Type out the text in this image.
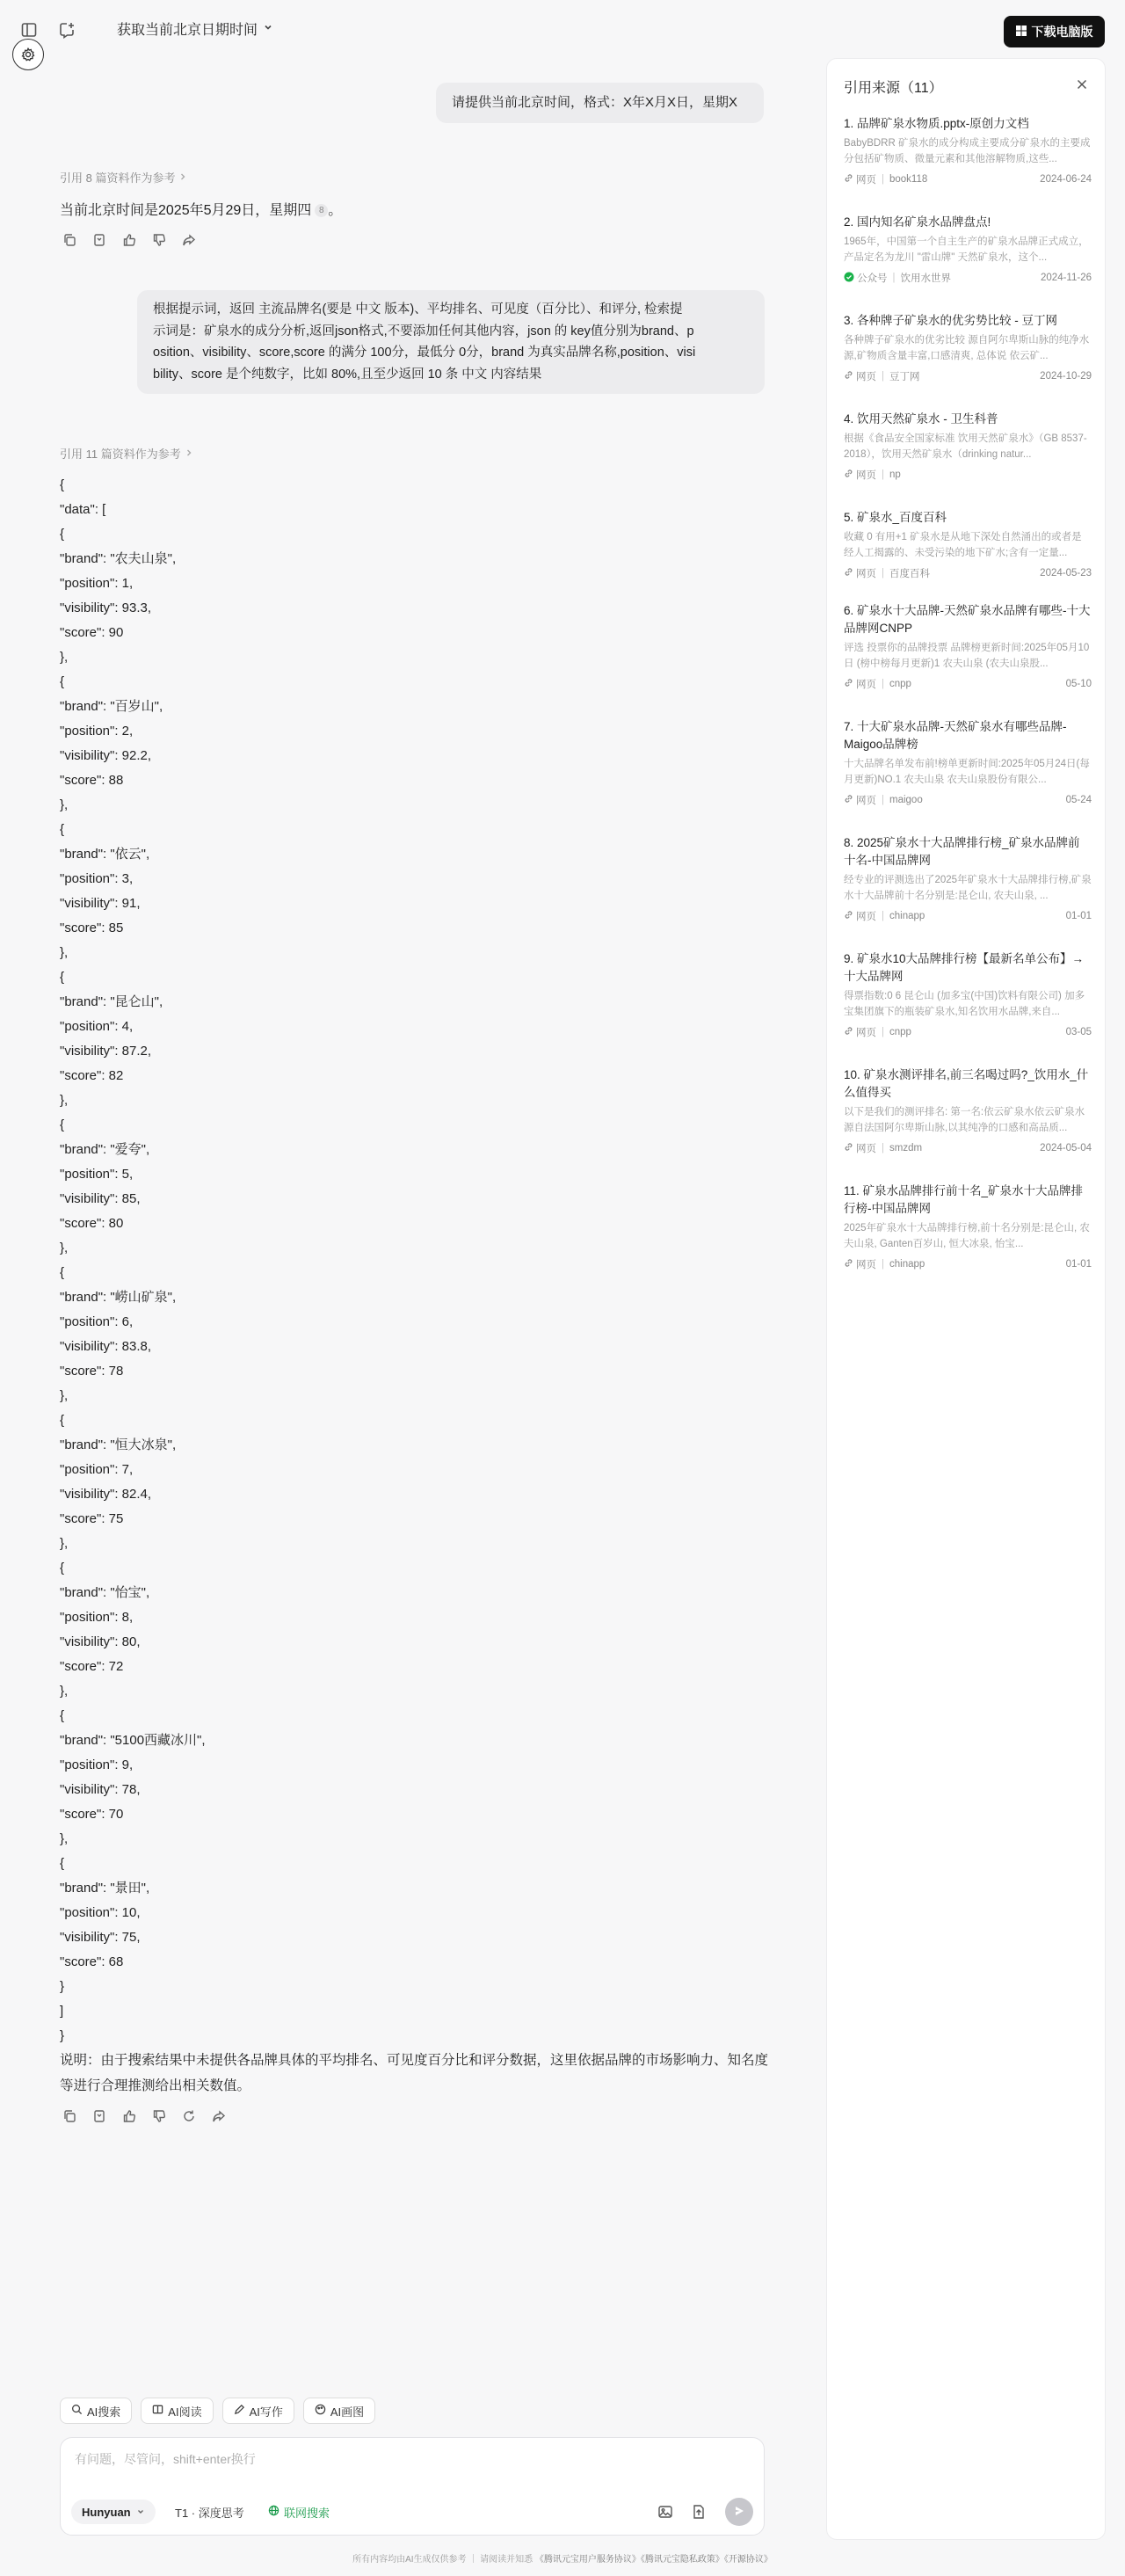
获取当前北京日期时间	下载电脑版
请提供当前北京时间，格式：X年X月X日，星期X
引用 8 篇资料作为参考
当前北京时间是2025年5月29日，星期四 8 。
根据提示词，返回 主流品牌名(要是 中文 版本)、平均排名、可见度（百分比）、和评分, 检索提
示词是：矿泉水的成分分析,返回json格式,不要添加任何其他内容，json 的 key值分别为brand、p
osition、visibility、score,score 的满分 100分，最低分 0分，brand 为真实品牌名称,position、visi
bility、score 是个纯数字，比如 80%,且至少返回 10 条 中文 内容结果
引用 11 篇资料作为参考
{
"data": [
{
"brand": "农夫山泉",
"position": 1,
"visibility": 93.3,
"score": 90
},
{
"brand": "百岁山",
"position": 2,
"visibility": 92.2,
"score": 88
},
{
"brand": "依云",
"position": 3,
"visibility": 91,
"score": 85
},
{
"brand": "昆仑山",
"position": 4,
"visibility": 87.2,
"score": 82
},
{
"brand": "爱夸",
"position": 5,
"visibility": 85,
"score": 80
},
{
"brand": "崂山矿泉",
"position": 6,
"visibility": 83.8,
"score": 78
},
{
"brand": "恒大冰泉",
"position": 7,
"visibility": 82.4,
"score": 75
},
{
"brand": "怡宝",
"position": 8,
"visibility": 80,
"score": 72
},
{
"brand": "5100西藏冰川",
"position": 9,
"visibility": 78,
"score": 70
},
{
"brand": "景田",
"position": 10,
"visibility": 75,
"score": 68
}
]
}
说明：由于搜索结果中未提供各品牌具体的平均排名、可见度百分比和评分数据，这里依据品牌的市场影响力、知名度等进行合理推测给出相关数值。
AI搜索	AI阅读	AI写作	AI画图
有问题，尽管问，shift+enter换行
Hunyuan	T1 · 深度思考	联网搜索
所有内容均由AI生成仅供参考 ｜ 请阅读并知悉 《腾讯元宝用户服务协议》《腾讯元宝隐私政策》《开源协议》
引用来源（11）
1. 品牌矿泉水物质.pptx-原创力文档
BabyBDRR 矿泉水的成分构成主要成分矿泉水的主要成分包括矿物质、微量元素和其他溶解物质,这些...
网页 | book118	2024-06-24
2. 国内知名矿泉水品牌盘点!
1965年，中国第一个自主生产的矿泉水品牌正式成立，产品定名为龙川 "雷山牌" 天然矿泉水，这个...
公众号 | 饮用水世界	2024-11-26
3. 各种牌子矿泉水的优劣势比较 - 豆丁网
各种牌子矿泉水的优劣比较 源自阿尔卑斯山脉的纯净水源,矿物质含量丰富,口感清爽, 总体说 依云矿...
网页 | 豆丁网	2024-10-29
4. 饮用天然矿泉水 - 卫生科普
根据《食品安全国家标准 饮用天然矿泉水》（GB 8537-2018），饮用天然矿泉水（drinking natur...
网页 | np
5. 矿泉水_百度百科
收藏 0 有用+1 矿泉水是从地下深处自然涌出的或者是经人工揭露的、未受污染的地下矿水;含有一定量...
网页 | 百度百科	2024-05-23
6. 矿泉水十大品牌-天然矿泉水品牌有哪些-十大品牌网CNPP
评选 投票你的品牌投票 品牌榜更新时间:2025年05月10日 (榜中榜每月更新)1 农夫山泉 (农夫山泉股...
网页 | cnpp	05-10
7. 十大矿泉水品牌-天然矿泉水有哪些品牌-Maigoo品牌榜
十大品牌名单发布前!榜单更新时间:2025年05月24日(每月更新)NO.1 农夫山泉 农夫山泉股份有限公...
网页 | maigoo	05-24
8. 2025矿泉水十大品牌排行榜_矿泉水品牌前十名-中国品牌网
经专业的评测选出了2025年矿泉水十大品牌排行榜,矿泉水十大品牌前十名分别是:昆仑山, 农夫山泉, ...
网页 | chinapp	01-01
9. 矿泉水10大品牌排行榜【最新名单公布】→十大品牌网
得票指数:0 6 昆仑山 (加多宝(中国)饮料有限公司) 加多宝集团旗下的瓶装矿泉水,知名饮用水品牌,来自...
网页 | cnpp	03-05
10. 矿泉水测评排名,前三名喝过吗?_饮用水_什么值得买
以下是我们的测评排名: 第一名:依云矿泉水依云矿泉水源自法国阿尔卑斯山脉,以其纯净的口感和高品质...
网页 | smzdm	2024-05-04
11. 矿泉水品牌排行前十名_矿泉水十大品牌排行榜-中国品牌网
2025年矿泉水十大品牌排行榜,前十名分别是:昆仑山, 农夫山泉, Ganten百岁山, 恒大冰泉, 怡宝...
网页 | chinapp	01-01
